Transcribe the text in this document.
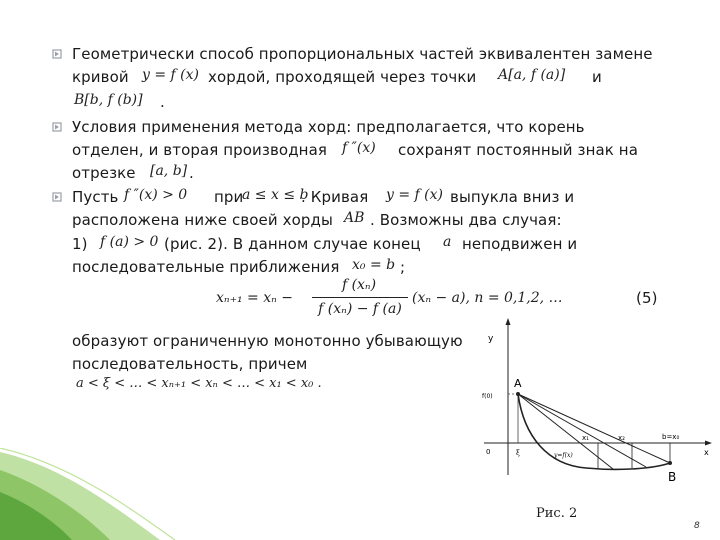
Геометрически способ пропорциональных частей эквивалентен замене
кривой y = f (x) хордой, проходящей через точки A[a, f (a)] и
B[b, f (b)] .
Условия применения метода хорд: предполагается, что корень
отделен, и вторая производная f ″(x) сохранят постоянный знак на
отрезке [a, b] .
Пусть f ″(x) > 0 при
a ≤ x ≤ b
. Кривая y = f (x) выпукла вниз и
расположена ниже своей хорды AB . Возможны два случая:
1) f (a) > 0 (рис. 2). В данном случае конец a неподвижен и
последовательные приближения x₀ = b ;
xₙ₊₁ = xₙ −
f (xₙ)
f (xₙ) − f (a)
(xₙ − a), n = 0,1,2, …	(5)
образуют ограниченную монотонно убывающую
последовательность, причем
a < ξ < … < xₙ₊₁ < xₙ < … < x₁ < x₀ .
y
f(0)
A
B
0	ξ
x₁	x₂	b=x₀
x
y=f(x)
Рис. 2
8
